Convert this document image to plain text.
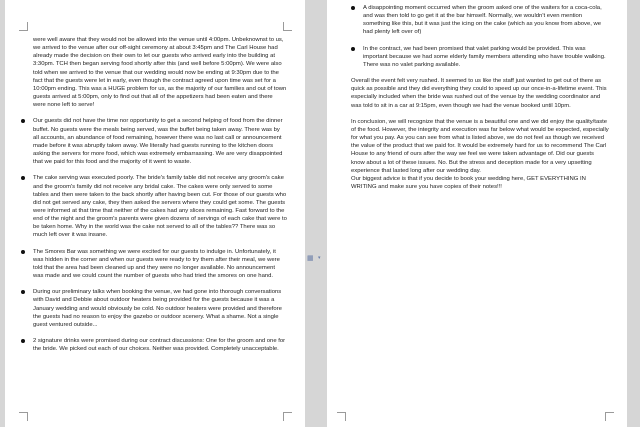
were well aware that they would not be allowed into the venue until 4:00pm. Unbeknownst to us, we arrived to the venue after our off-sight ceremony at about 3:45pm and The Carl House had already made the decision on their own to let our guests who arrived early into the building at 3:30pm. TCH then began serving food shortly after this (and well before 5:00pm). We were also told when we arrived to the venue that our wedding would now be ending at 9:30pm due to the fact that the guests were let in early, even though the contract agreed upon time was set for a 10:00pm ending. This was a HUGE problem for us, as the majority of our families and out of town guests arrived at 5:00pm, only to find out that all of the appetizers had been eaten and there were none left to serve!

Our guests did not have the time nor opportunity to get a second helping of food from the dinner buffet. No guests were the meals being served, was the buffet being taken away. There was by all accounts, an abundance of food remaining, however there was no last call or announcement made before it was abruptly taken away. We literally had guests running to the kitchen doors asking the servers for more food, which was extremely embarrassing. We are very disappointed that we paid for this food and the majority of it went to waste.
The cake serving was executed poorly. The bride's family table did not receive any groom's cake and the groom's family did not receive any bridal cake. The cakes were only served to some tables and then were taken to the back shortly after having been cut. For those of our guests who did not get served any cake, they then asked the servers where they could get some. The guests were informed at that time that neither of the cakes had any slices remaining. Fast forward to the end of the night and the groom's parents were given dozens of servings of each cake that were to be taken home. Why in the world was the cake not served to all of the tables?? There was so much left over it was insane.
The Smores Bar was something we were excited for our guests to indulge in. Unfortunately, it was hidden in the corner and when our guests were ready to try them after their meal, we were told that the area had been cleaned up and they were no longer available. No announcement was made and we could count the number of guests who had tried the smores on one hand.
During our preliminary talks when booking the venue, we had gone into thorough conversations with David and Debbie about outdoor heaters being provided for the guests because it was a January wedding and would obviously be cold. No outdoor heaters were provided and therefore the guests had no reason to enjoy the gazebo or outdoor scenery. What a shame. Not a single guest ventured outside...
2 signature drinks were promised during our contract discussions: One for the groom and one for the bride. We picked out each of our choices. Neither was provided. Completely unacceptable.
▦ ▾
A disappointing moment occurred when the groom asked one of the waiters for a coca-cola, and was then told to go get it at the bar himself. Normally, we wouldn't even mention something like this, but it was just the icing on the cake (which as you know from above, we had plenty left over of)
In the contract, we had been promised that valet parking would be provided. This was important because we had some elderly family members attending who have trouble walking. There was no valet parking available.

Overall the event felt very rushed. It seemed to us like the staff just wanted to get out of there as quick as possible and they did everything they could to speed up our once-in-a-lifetime event. This especially included when the bride was rushed out of the venue by the wedding coordinator and was told to sit in a car at 9:15pm, even though we had the venue booked until 10pm.

In conclusion, we will recognize that the venue is a beautiful one and we did enjoy the quality/taste of the food. However, the integrity and execution was far below what would be expected, especially for what you pay. As you can see from what is listed above, we do not feel as though we received the value of the product that we paid for. It would be extremely hard for us to recommend The Carl House to any friend of ours after the way we feel we were taken advantage of. Did our guests know about a lot of these issues. No. But the stress and deception made for a very upsetting experience that lasted long after our wedding day.

Our biggest advice is that if you decide to book your wedding here, GET EVERYTHING IN WRITING and make sure you have copies of their notes!!!
